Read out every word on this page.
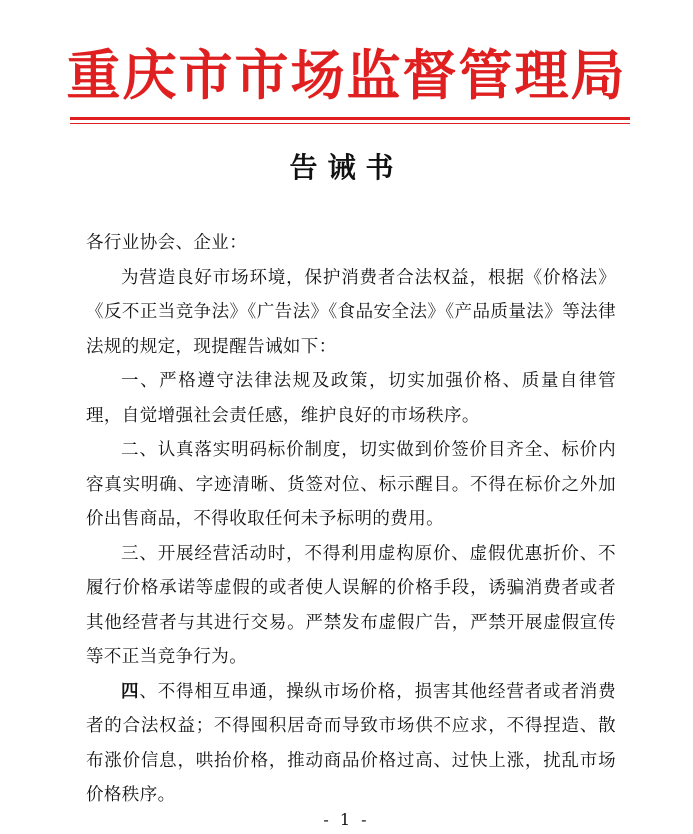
重庆市市场监督管理局
告诫书

各行业协会、企业：

为营造良好市场环境，保护消费者合法权益，根据《价格法》《反不正当竞争法》《广告法》《食品安全法》《产品质量法》等法律法规的规定，现提醒告诫如下：

一、严格遵守法律法规及政策，切实加强价格、质量自律管理，自觉增强社会责任感，维护良好的市场秩序。

二、认真落实明码标价制度，切实做到价签价目齐全、标价内容真实明确、字迹清晰、货签对位、标示醒目。不得在标价之外加价出售商品，不得收取任何未予标明的费用。

三、开展经营活动时，不得利用虚构原价、虚假优惠折价、不履行价格承诺等虚假的或者使人误解的价格手段，诱骗消费者或者其他经营者与其进行交易。严禁发布虚假广告，严禁开展虚假宣传等不正当竞争行为。

四、不得相互串通，操纵市场价格，损害其他经营者或者消费者的合法权益；不得囤积居奇而导致市场供不应求，不得捏造、散布涨价信息，哄抬价格，推动商品价格过高、过快上涨，扰乱市场价格秩序。

- 1 -
